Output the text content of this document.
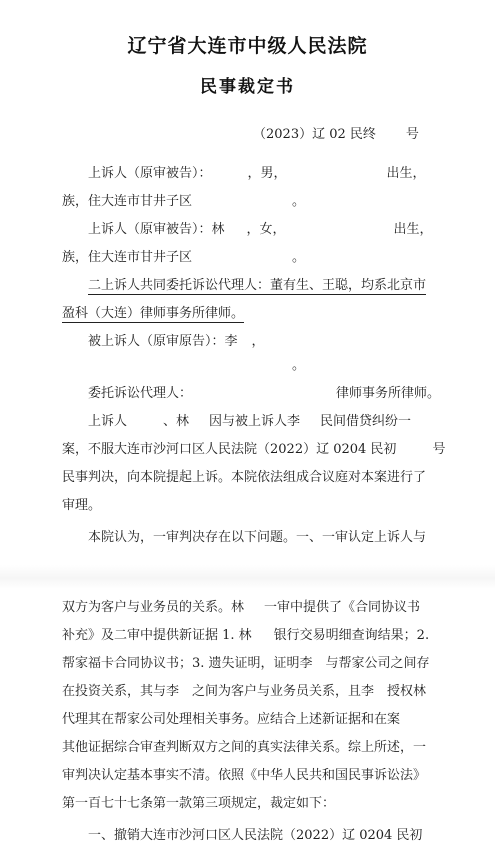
辽宁省大连市中级人民法院
民事裁定书
（2023）辽 02 民终 号
上诉人（原审被告）：	，男，	出生，
族，住大连市甘井子区	。
上诉人（原审被告）：林 ，女，	出生，
族，住大连市甘井子区	。
二上诉人共同委托诉讼代理人：董有生、王聪，均系北京市
盈科（大连）律师事务所律师。
被上诉人（原审原告）：李 ，
。
委托诉讼代理人：	律师事务所律师。
上诉人	、林 因与被上诉人李 民间借贷纠纷一
案，不服大连市沙河口区人民法院（2022）辽 0204 民初	号
民事判决，向本院提起上诉。本院依法组成合议庭对本案进行了
审理。
本院认为，一审判决存在以下问题。一、一审认定上诉人与
双方为客户与业务员的关系。林 一审中提供了《合同协议书
补充》及二审中提供新证据 1. 林 银行交易明细查询结果；2.
帮家福卡合同协议书；3. 遗失证明，证明李　与帮家公司之间存
在投资关系，其与李　之间为客户与业务员关系，且李　授权林
代理其在帮家公司处理相关事务。应结合上述新证据和在案
其他证据综合审查判断双方之间的真实法律关系。综上所述，一
审判决认定基本事实不清。依照《中华人民共和国民事诉讼法》
第一百七十七条第一款第三项规定，裁定如下：
一、撤销大连市沙河口区人民法院（2022）辽 0204 民初
